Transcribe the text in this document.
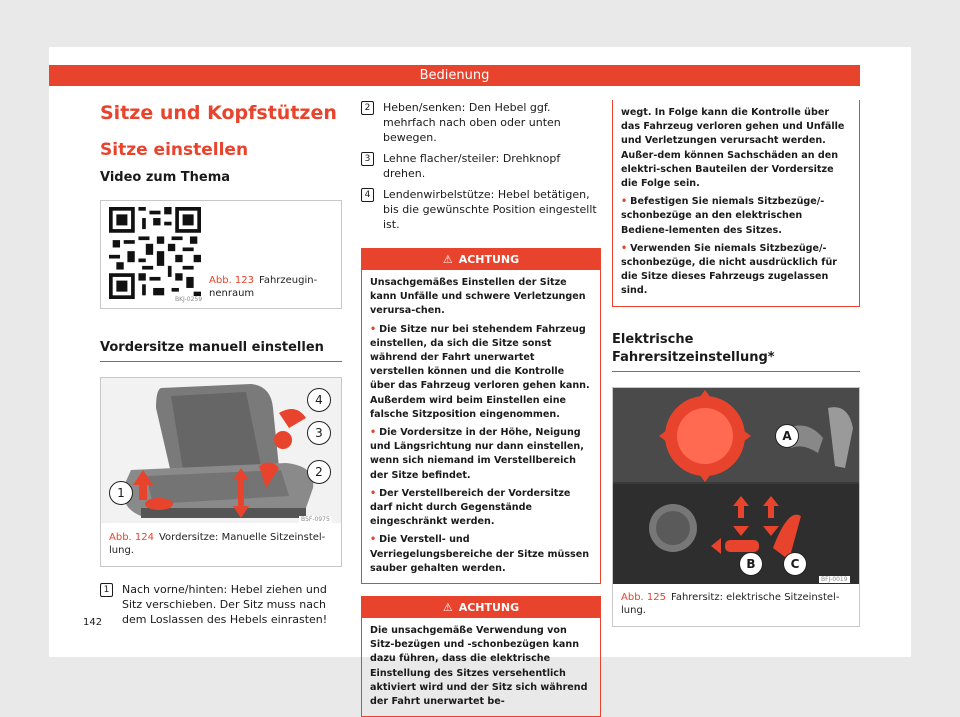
Bedienung
Sitze und Kopfstützen
Sitze einstellen
Video zum Thema
BKJ-0259
Abb. 123 Fahrzeugin-
nenraum
Vordersitze manuell einstellen
1
2
3
4
B5F-0975
Abb. 124 Vordersitze: Manuelle Sitzeinstel-
lung.
1	Nach vorne/hinten: Hebel ziehen und Sitz verschieben. Der Sitz muss nach dem Loslassen des Hebels einrasten!
2	Heben/senken: Den Hebel ggf. mehrfach nach oben oder unten bewegen.
3	Lehne flacher/steiler: Drehknopf drehen.
4	Lendenwirbelstütze: Hebel betätigen, bis die gewünschte Position eingestellt ist.
⚠ ACHTUNG

Unsachgemäßes Einstellen der Sitze kann Unfälle und schwere Verletzungen verursa-chen.

• Die Sitze nur bei stehendem Fahrzeug einstellen, da sich die Sitze sonst während der Fahrt unerwartet verstellen können und die Kontrolle über das Fahrzeug verloren gehen kann. Außerdem wird beim Einstellen eine falsche Sitzposition eingenommen.

• Die Vordersitze in der Höhe, Neigung und Längsrichtung nur dann einstellen, wenn sich niemand im Verstellbereich der Sitze befindet.

• Der Verstellbereich der Vordersitze darf nicht durch Gegenstände eingeschränkt werden.

• Die Verstell- und Verriegelungsbereiche der Sitze müssen sauber gehalten werden.

⚠ ACHTUNG

Die unsachgemäße Verwendung von Sitz-bezügen und -schonbezügen kann dazu führen, dass die elektrische Einstellung des Sitzes versehentlich aktiviert wird und der Sitz sich während der Fahrt unerwartet be-

wegt. In Folge kann die Kontrolle über das Fahrzeug verloren gehen und Unfälle und Verletzungen verursacht werden. Außer-dem können Sachschäden an den elektri-schen Bauteilen der Vordersitze die Folge sein.

• Befestigen Sie niemals Sitzbezüge/-schonbezüge an den elektrischen Bediene-lementen des Sitzes.

• Verwenden Sie niemals Sitzbezüge/-schonbezüge, die nicht ausdrücklich für die Sitze dieses Fahrzeugs zugelassen sind.

Elektrische Fahrersitzeinstellung*
A
B	C
BFJ-0019
Abb. 125 Fahrersitz: elektrische Sitzeinstel-
lung.
142
